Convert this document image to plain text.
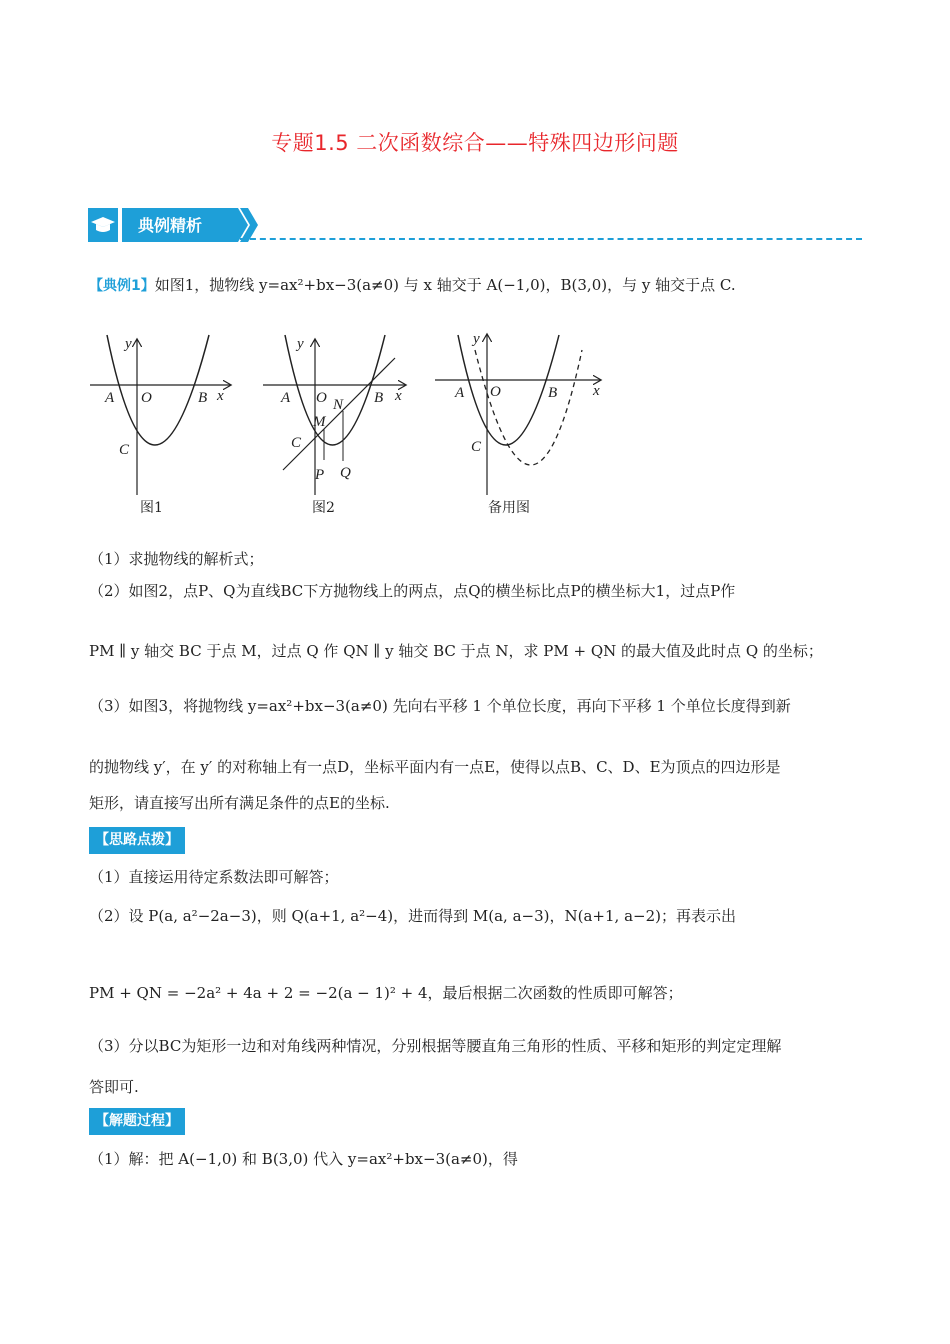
专题1.5 二次函数综合——特殊四边形问题
典例精析
【典例1】如图1，抛物线 y=ax²+bx−3(a≠0) 与 x 轴交于 A(−1,0)，B(3,0)，与 y 轴交于点 C.
x
y
O
A	B
C
图1
x
y
O
A	B
C
M
N
P Q
图2
x
y
O
A	B
C
备用图
（1）求抛物线的解析式；
（2）如图2，点P、Q为直线BC下方抛物线上的两点，点Q的横坐标比点P的横坐标大1，过点P作
PM ∥ y 轴交 BC 于点 M，过点 Q 作 QN ∥ y 轴交 BC 于点 N，求 PM + QN 的最大值及此时点 Q 的坐标；
（3）如图3，将抛物线 y=ax²+bx−3(a≠0) 先向右平移 1 个单位长度，再向下平移 1 个单位长度得到新
的抛物线 y′，在 y′ 的对称轴上有一点D，坐标平面内有一点E，使得以点B、C、D、E为顶点的四边形是
矩形，请直接写出所有满足条件的点E的坐标.
【思路点拨】
（1）直接运用待定系数法即可解答；
（2）设 P(a, a²−2a−3)，则 Q(a+1, a²−4)，进而得到 M(a, a−3)，N(a+1, a−2)；再表示出
PM + QN = −2a² + 4a + 2 = −2(a − 1)² + 4，最后根据二次函数的性质即可解答；
（3）分以BC为矩形一边和对角线两种情况，分别根据等腰直角三角形的性质、平移和矩形的判定定理解
答即可.
【解题过程】
（1）解：把 A(−1,0) 和 B(3,0) 代入 y=ax²+bx−3(a≠0)，得
